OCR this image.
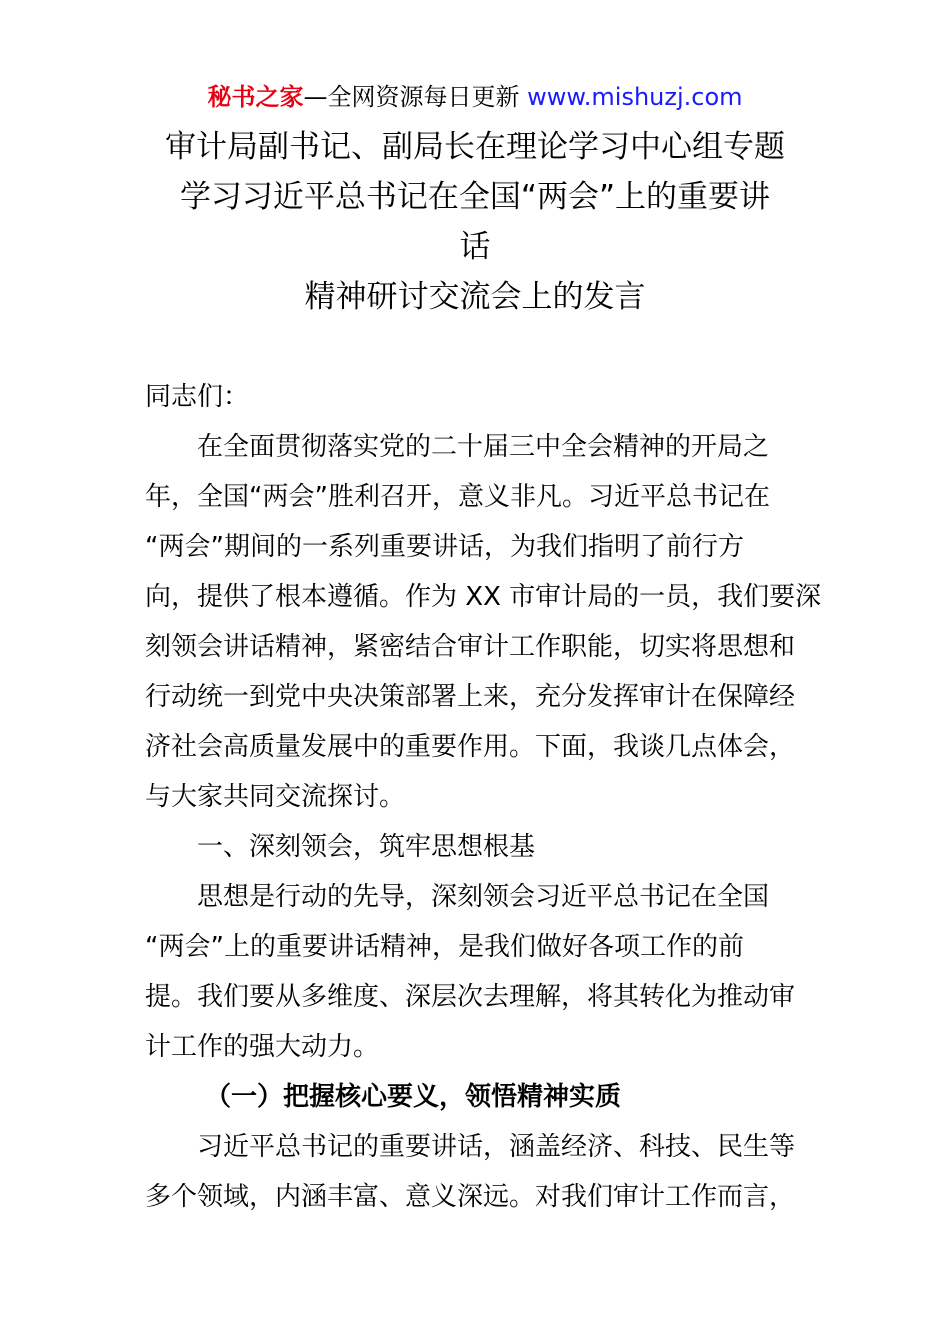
秘书之家—全网资源每日更新 www.mishuzj.com
审计局副书记、副局长在理论学习中心组专题
学习习近平总书记在全国“两会”上的重要讲
话
精神研讨交流会上的发言
同志们：
在全面贯彻落实党的二十届三中全会精神的开局之
年，全国“两会”胜利召开，意义非凡。习近平总书记在
“两会”期间的一系列重要讲话，为我们指明了前行方
向，提供了根本遵循。作为 XX 市审计局的一员，我们要深
刻领会讲话精神，紧密结合审计工作职能，切实将思想和
行动统一到党中央决策部署上来，充分发挥审计在保障经
济社会高质量发展中的重要作用。下面，我谈几点体会，
与大家共同交流探讨。
一、深刻领会，筑牢思想根基
思想是行动的先导，深刻领会习近平总书记在全国
“两会”上的重要讲话精神，是我们做好各项工作的前
提。我们要从多维度、深层次去理解，将其转化为推动审
计工作的强大动力。
（一）把握核心要义，领悟精神实质
习近平总书记的重要讲话，涵盖经济、科技、民生等
多个领域，内涵丰富、意义深远。对我们审计工作而言，
